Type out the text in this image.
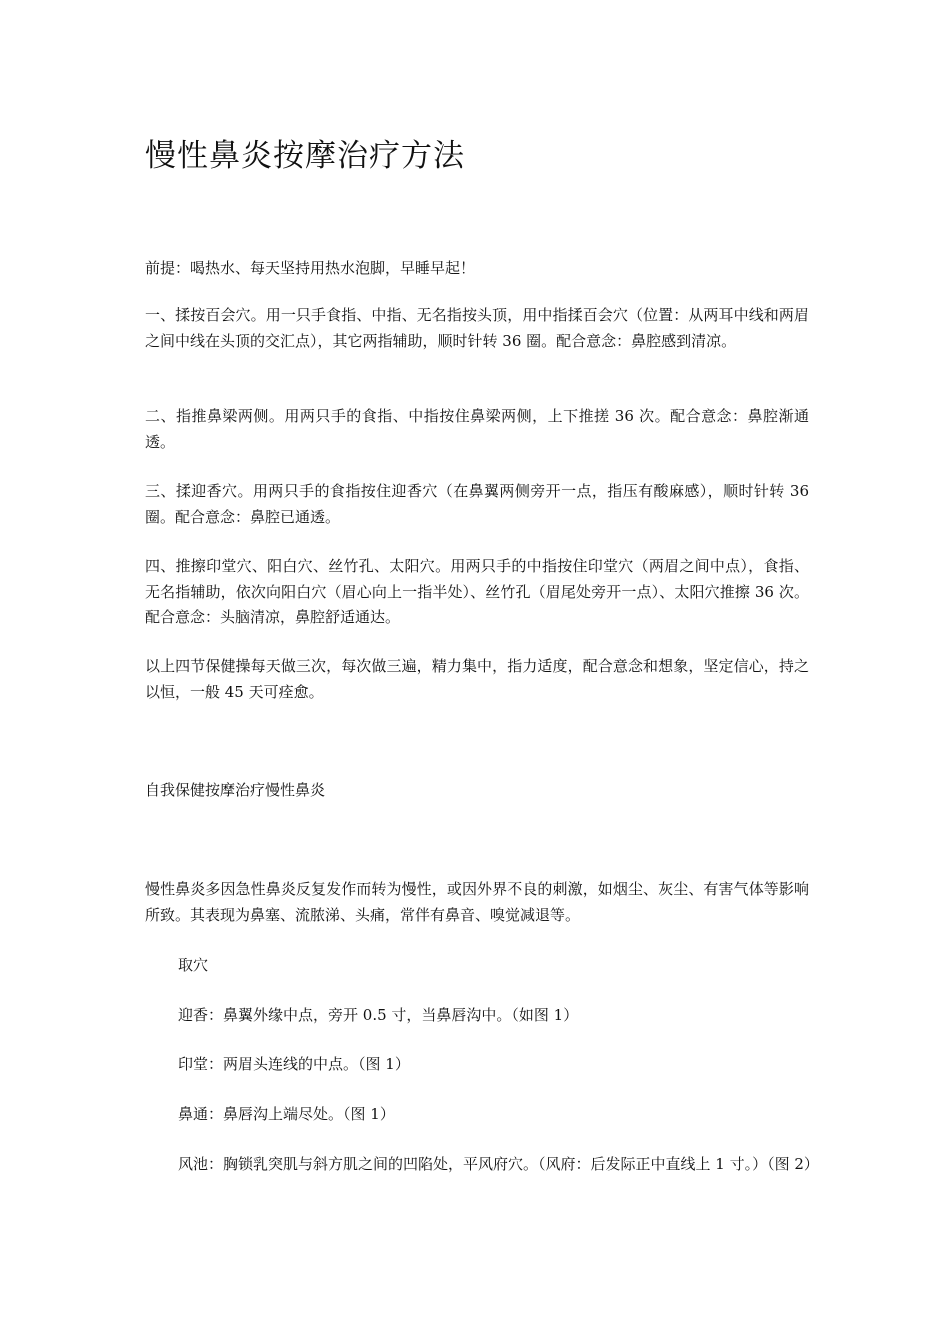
慢性鼻炎按摩治疗方法

前提：喝热水、每天坚持用热水泡脚，早睡早起！

一、揉按百会穴。用一只手食指、中指、无名指按头顶，用中指揉百会穴（位置：从两耳中线和两眉之间中线在头顶的交汇点），其它两指辅助，顺时针转 36 圈。配合意念：鼻腔感到清凉。

二、指推鼻梁两侧。用两只手的食指、中指按住鼻梁两侧，上下推搓 36 次。配合意念：鼻腔渐通透。

三、揉迎香穴。用两只手的食指按住迎香穴（在鼻翼两侧旁开一点，指压有酸麻感），顺时针转 36 圈。配合意念：鼻腔已通透。

四、推擦印堂穴、阳白穴、丝竹孔、太阳穴。用两只手的中指按住印堂穴（两眉之间中点），食指、无名指辅助，依次向阳白穴（眉心向上一指半处）、丝竹孔（眉尾处旁开一点）、太阳穴推擦 36 次。配合意念：头脑清凉，鼻腔舒适通达。

以上四节保健操每天做三次，每次做三遍，精力集中，指力适度，配合意念和想象，坚定信心，持之以恒，一般 45 天可痊愈。

自我保健按摩治疗慢性鼻炎

慢性鼻炎多因急性鼻炎反复发作而转为慢性，或因外界不良的刺激，如烟尘、灰尘、有害气体等影响所致。其表现为鼻塞、流脓涕、头痛，常伴有鼻音、嗅觉减退等。

取穴

迎香：鼻翼外缘中点，旁开 0.5 寸，当鼻唇沟中。（如图 1）

印堂：两眉头连线的中点。（图 1）

鼻通：鼻唇沟上端尽处。（图 1）

风池：胸锁乳突肌与斜方肌之间的凹陷处，平风府穴。（风府：后发际正中直线上 1 寸。）（图 2）
